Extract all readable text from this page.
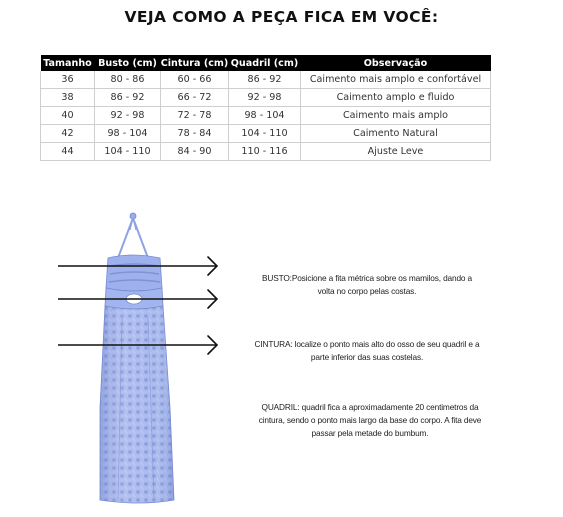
VEJA COMO A PEÇA FICA EM VOCÊ:
Tamanho	Busto (cm)	Cintura (cm)	Quadril (cm)	Observação
36	80 - 86	60 - 66	86 - 92	Caimento mais amplo e confortável
38	86 - 92	66 - 72	92 - 98	Caimento amplo e fluido
40	92 - 98	72 - 78	98 - 104	Caimento mais amplo
42	98 - 104	78 - 84	104 - 110	Caimento Natural
44	104 - 110	84 - 90	110 - 116	Ajuste Leve
BUSTO:Posicione a fita métrica sobre os mamilos, dando a volta no corpo pelas costas.
CINTURA: localize o ponto mais alto do osso de seu quadril e a parte inferior das suas costelas.
QUADRIL: quadril fica a aproximadamente 20 centimetros da cintura, sendo o ponto mais largo da base do corpo. A fita deve passar pela metade do bumbum.
